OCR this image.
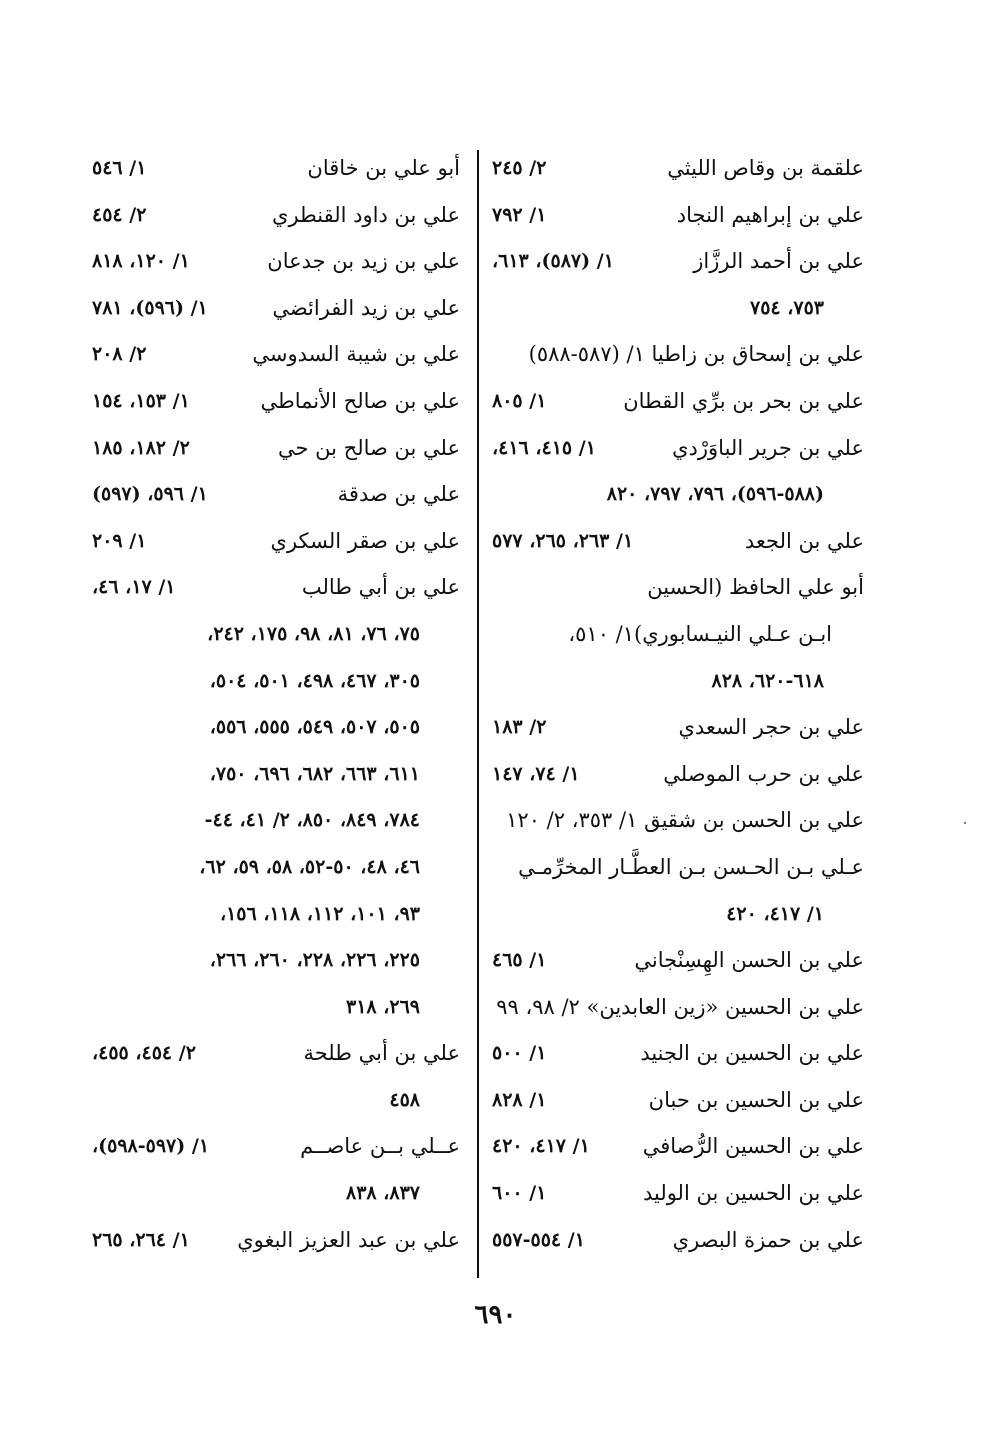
علقمة بن وقاص الليثي
٢/ ٢٤٥
علي بن إبراهيم النجاد
١/ ٧٩٢
علي بن أحمد الرزَّاز
١/ (٥٨٧)، ٦١٣،
٧٥٣، ٧٥٤
علي بن إسحاق بن زاطيا ١/ (٥٨٧-٥٨٨)
علي بن بحر بن برِّي القطان
١/ ٨٠٥
علي بن جرير الباوَرْدي
١/ ٤١٥، ٤١٦،
(٥٨٨-٥٩٦)، ٧٩٦، ٧٩٧، ٨٢٠
علي بن الجعد
١/ ٢٦٣، ٢٦٥، ٥٧٧
أبو علي الحافظ (الحسين
ابـن عـلي النيـسابوري)١/ ٥١٠،
٦١٨-٦٢٠، ٨٢٨
علي بن حجر السعدي
٢/ ١٨٣
علي بن حرب الموصلي
١/ ٧٤، ١٤٧
علي بن الحسن بن شقيق ١/ ٣٥٣، ٢/ ١٢٠
عـلي بـن الحـسن بـن العطَّـار المخرِّمـي
١/ ٤١٧، ٤٢٠
علي بن الحسن الهِسِنْجاني
١/ ٤٦٥
علي بن الحسين «زين العابدين» ٢/ ٩٨، ٩٩
علي بن الحسين بن الجنيد
١/ ٥٠٠
علي بن الحسين بن حبان
١/ ٨٢٨
علي بن الحسين الرُّصافي
١/ ٤١٧، ٤٢٠
علي بن الحسين بن الوليد
١/ ٦٠٠
علي بن حمزة البصري
١/ ٥٥٤-٥٥٧
أبو علي بن خاقان
١/ ٥٤٦
علي بن داود القنطري
٢/ ٤٥٤
علي بن زيد بن جدعان
١/ ١٢٠، ٨١٨
علي بن زيد الفرائضي
١/ (٥٩٦)، ٧٨١
علي بن شيبة السدوسي
٢/ ٢٠٨
علي بن صالح الأنماطي
١/ ١٥٣، ١٥٤
علي بن صالح بن حي
٢/ ١٨٢، ١٨٥
علي بن صدقة
١/ ٥٩٦، (٥٩٧)
علي بن صقر السكري
١/ ٢٠٩
علي بن أبي طالب
١/ ١٧، ٤٦،
٧٥، ٧٦، ٨١، ٩٨، ١٧٥، ٢٤٢،
٣٠٥، ٤٦٧، ٤٩٨، ٥٠١، ٥٠٤،
٥٠٥، ٥٠٧، ٥٤٩، ٥٥٥، ٥٥٦،
٦١١، ٦٦٣، ٦٨٢، ٦٩٦، ٧٥٠،
٧٨٤، ٨٤٩، ٨٥٠، ٢/ ٤١، ٤٤-
٤٦، ٤٨، ٥٠-٥٢، ٥٨، ٥٩، ٦٢،
٩٣، ١٠١، ١١٢، ١١٨، ١٥٦،
٢٢٥، ٢٢٦، ٢٢٨، ٢٦٠، ٢٦٦،
٢٦٩، ٣١٨
علي بن أبي طلحة
٢/ ٤٥٤، ٤٥٥،
٤٥٨
عــلي بــن عاصــم
١/ (٥٩٧-٥٩٨)،
٨٣٧، ٨٣٨
علي بن عبد العزيز البغوي
١/ ٢٦٤، ٢٦٥
٦٩٠
